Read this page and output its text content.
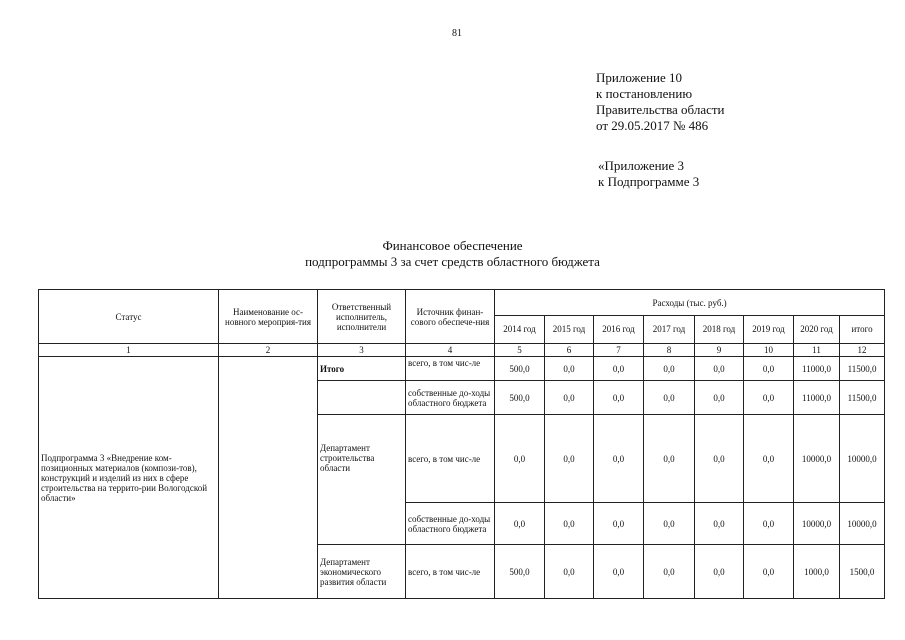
81
Приложение 10
к постановлению
Правительства области
от 29.05.2017 № 486
«Приложение 3
к Подпрограмме 3
Финансовое обеспечение
подпрограммы 3 за счет средств областного бюджета
Статус	Наименование ос-новного мероприя-тия	Ответственный исполнитель, исполнители	Источник финан-сового обеспече-ния	Расходы (тыс. руб.)							
				2014 год	2015 год	2016 год	2017 год	2018 год	2019 год	2020 год	итого
1	2	3	4	5	6	7	8	9	10	11	12
Подпрограмма 3 «Внедрение ком-позиционных материалов (компози-тов), конструкций и изделий из них в сфере строительства на террито-рии Вологодской области»		Итого	всего, в том чис-ле	500,0	0,0	0,0	0,0	0,0	0,0	11000,0	11500,0
			собственные до-ходы областного бюджета	500,0	0,0	0,0	0,0	0,0	0,0	11000,0	11500,0
		Департамент строительства области	всего, в том чис-ле	0,0	0,0	0,0	0,0	0,0	0,0	10000,0	10000,0
			собственные до-ходы областного бюджета	0,0	0,0	0,0	0,0	0,0	0,0	10000,0	10000,0
		Департамент экономического развития области	всего, в том чис-ле	500,0	0,0	0,0	0,0	0,0	0,0	1000,0	1500,0
